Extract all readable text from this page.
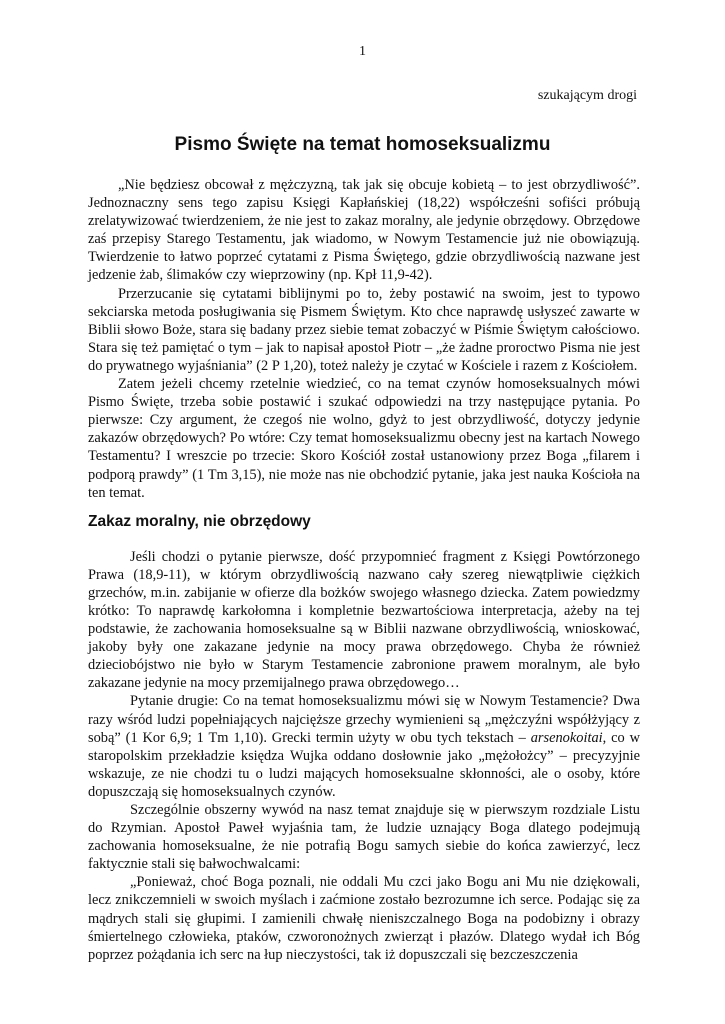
1
szukającym drogi
Pismo Święte na temat homoseksualizmu

„Nie będziesz obcował z mężczyzną, tak jak się obcuje kobietą – to jest obrzydliwość”. Jednoznaczny sens tego zapisu Księgi Kapłańskiej (18,22) współcześni sofiści próbują zrelatywizować twierdzeniem, że nie jest to zakaz moralny, ale jedynie obrzędowy. Obrzędowe zaś przepisy Starego Testamentu, jak wiadomo, w Nowym Testamencie już nie obowiązują. Twierdzenie to łatwo poprzeć cytatami z Pisma Świętego, gdzie obrzydliwością nazwane jest jedzenie żab, ślimaków czy wieprzowiny (np. Kpł 11,9-42).

Przerzucanie się cytatami biblijnymi po to, żeby postawić na swoim, jest to typowo sekciarska metoda posługiwania się Pismem Świętym. Kto chce naprawdę usłyszeć zawarte w Biblii słowo Boże, stara się badany przez siebie temat zobaczyć w Piśmie Świętym całościowo. Stara się też pamiętać o tym – jak to napisał apostoł Piotr – „że żadne proroctwo Pisma nie jest do prywatnego wyjaśniania” (2 P 1,20), toteż należy je czytać w Kościele i razem z Kościołem.

Zatem jeżeli chcemy rzetelnie wiedzieć, co na temat czynów homoseksualnych mówi Pismo Święte, trzeba sobie postawić i szukać odpowiedzi na trzy następujące pytania. Po pierwsze: Czy argument, że czegoś nie wolno, gdyż to jest obrzydliwość, dotyczy jedynie zakazów obrzędowych? Po wtóre: Czy temat homoseksualizmu obecny jest na kartach Nowego Testamentu? I wreszcie po trzecie: Skoro Kościół został ustanowiony przez Boga „filarem i podporą prawdy” (1 Tm 3,15), nie może nas nie obchodzić pytanie, jaka jest nauka Kościoła na ten temat.

Zakaz moralny, nie obrzędowy

Jeśli chodzi o pytanie pierwsze, dość przypomnieć fragment z Księgi Powtórzonego Prawa (18,9-11), w którym obrzydliwością nazwano cały szereg niewątpliwie ciężkich grzechów, m.in. zabijanie w ofierze dla bożków swojego własnego dziecka. Zatem powiedzmy krótko: To naprawdę karkołomna i kompletnie bezwartościowa interpretacja, ażeby na tej podstawie, że zachowania homoseksualne są w Biblii nazwane obrzydliwością, wnioskować, jakoby były one zakazane jedynie na mocy prawa obrzędowego. Chyba że również dzieciobójstwo nie było w Starym Testamencie zabronione prawem moralnym, ale było zakazane jedynie na mocy przemijalnego prawa obrzędowego…

Pytanie drugie: Co na temat homoseksualizmu mówi się w Nowym Testamencie? Dwa razy wśród ludzi popełniających najcięższe grzechy wymienieni są „mężczyźni współżyjący z sobą” (1 Kor 6,9; 1 Tm 1,10). Grecki termin użyty w obu tych tekstach – arsenokoitai, co w staropolskim przekładzie księdza Wujka oddano dosłownie jako „mężołożcy” – precyzyjnie wskazuje, ze nie chodzi tu o ludzi mających homoseksualne skłonności, ale o osoby, które dopuszczają się homoseksualnych czynów.

Szczególnie obszerny wywód na nasz temat znajduje się w pierwszym rozdziale Listu do Rzymian. Apostoł Paweł wyjaśnia tam, że ludzie uznający Boga dlatego podejmują zachowania homoseksualne, że nie potrafią Bogu samych siebie do końca zawierzyć, lecz faktycznie stali się bałwochwalcami:

„Ponieważ, choć Boga poznali, nie oddali Mu czci jako Bogu ani Mu nie dziękowali, lecz znikczemnieli w swoich myślach i zaćmione zostało bezrozumne ich serce. Podając się za mądrych stali się głupimi. I zamienili chwałę nieniszczalnego Boga na podobizny i obrazy śmiertelnego człowieka, ptaków, czworonożnych zwierząt i płazów. Dlatego wydał ich Bóg poprzez pożądania ich serc na łup nieczystości, tak iż dopuszczali się bezczeszczenia
